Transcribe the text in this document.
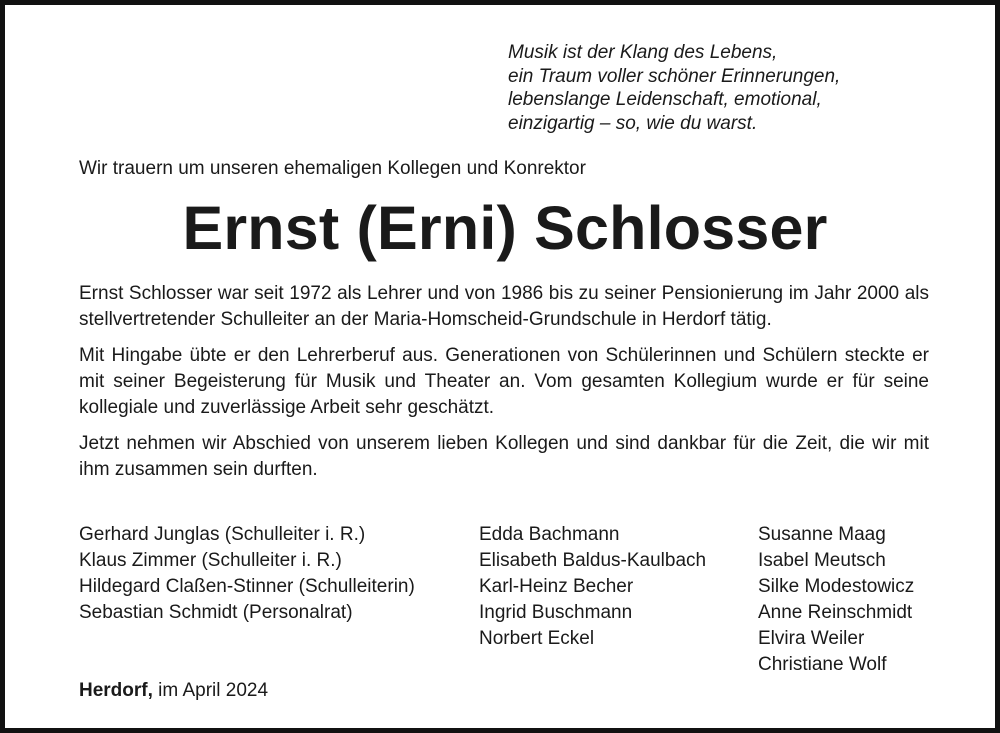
Musik ist der Klang des Lebens,
ein Traum voller schöner Erinnerungen,
lebenslange Leidenschaft, emotional,
einzigartig – so, wie du warst.

Wir trauern um unseren ehemaligen Kollegen und Konrektor

Ernst (Erni) Schlosser

Ernst Schlosser war seit 1972 als Lehrer und von 1986 bis zu seiner Pensionierung im Jahr 2000 als stellvertretender Schulleiter an der Maria-Homscheid-Grundschule in Herdorf tätig.

Mit Hingabe übte er den Lehrerberuf aus. Generationen von Schülerinnen und Schülern steckte er mit seiner Begeisterung für Musik und Theater an. Vom gesamten Kollegium wurde er für seine kollegiale und zuverlässige Arbeit sehr geschätzt.

Jetzt nehmen wir Abschied von unserem lieben Kollegen und sind dankbar für die Zeit, die wir mit ihm zusammen sein durften.

Gerhard Junglas (Schulleiter i. R.)
Klaus Zimmer (Schulleiter i. R.)
Hildegard Claßen-Stinner (Schulleiterin)
Sebastian Schmidt (Personalrat)
Edda Bachmann
Elisabeth Baldus-Kaulbach
Karl-Heinz Becher
Ingrid Buschmann
Norbert Eckel
Susanne Maag
Isabel Meutsch
Silke Modestowicz
Anne Reinschmidt
Elvira Weiler
Christiane Wolf

Herdorf, im April 2024
